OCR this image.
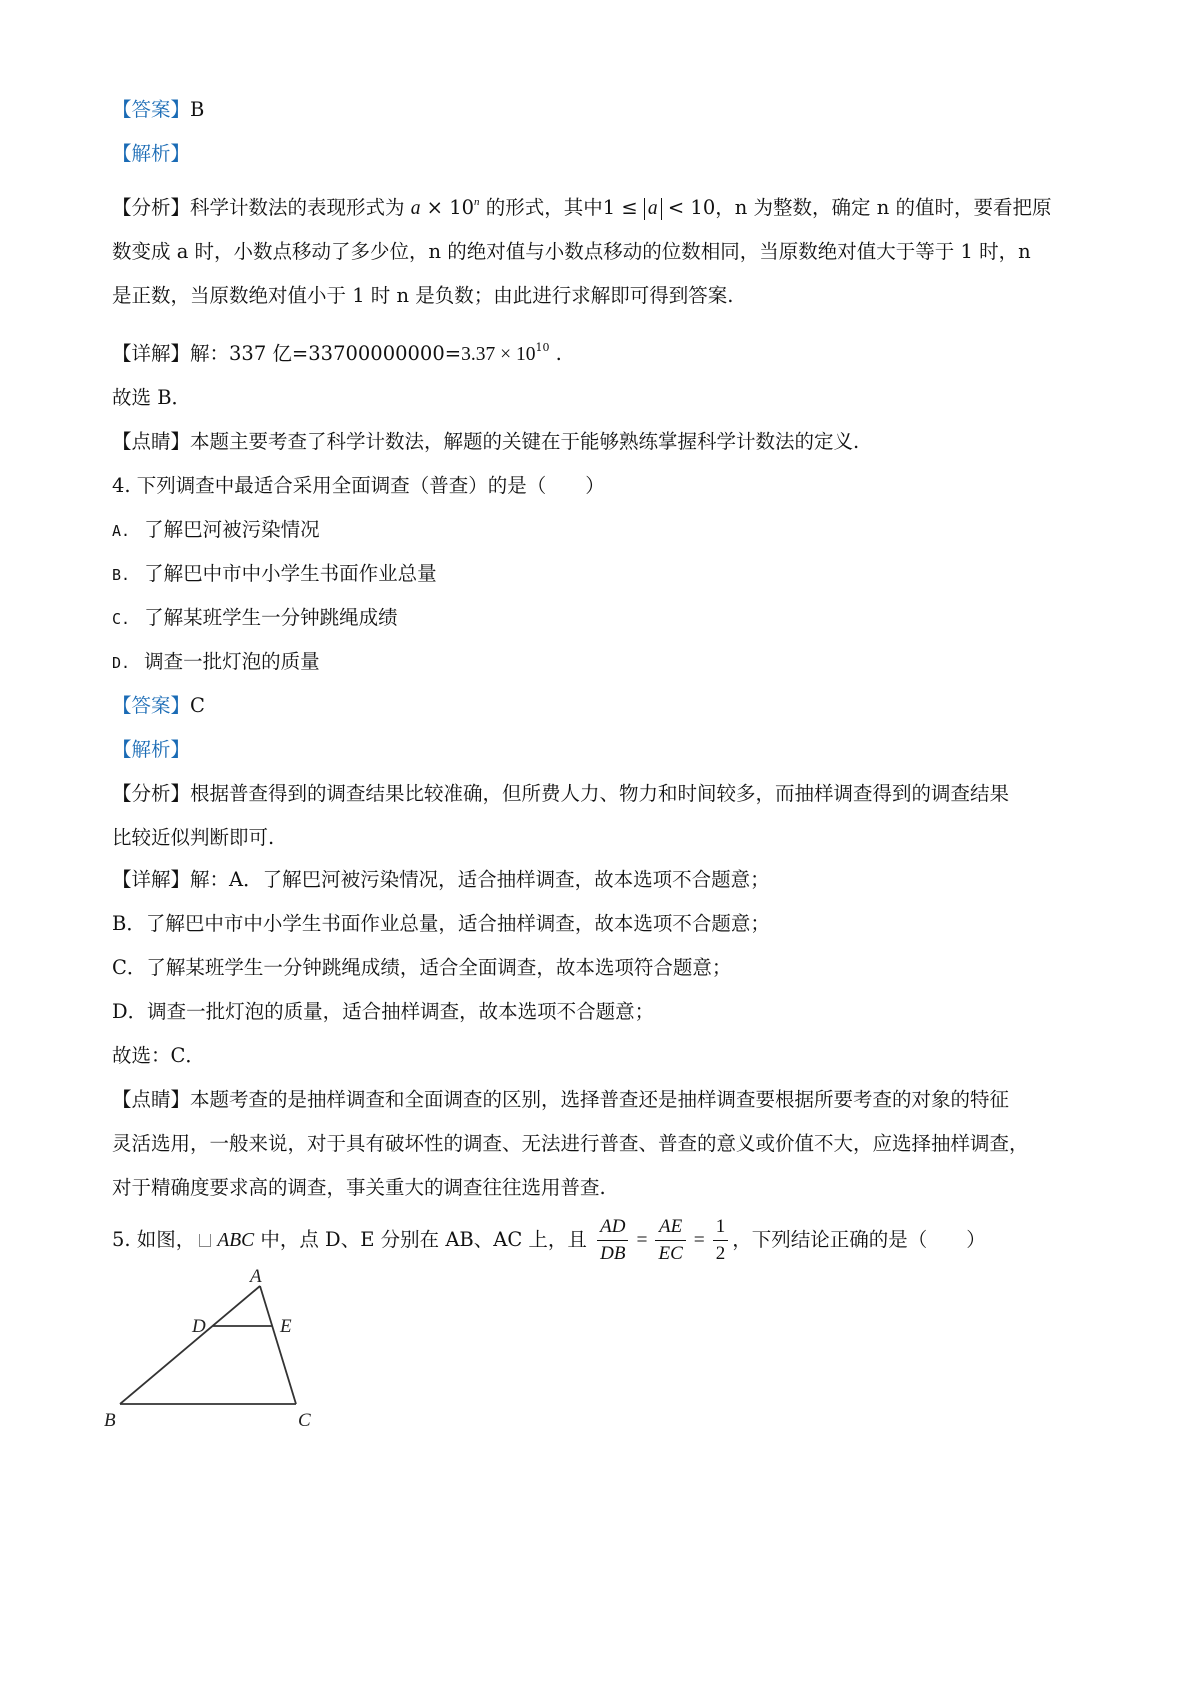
【答案】B
【解析】
【分析】科学计数法的表现形式为 $a \times 10^n$ 的形式，其中1 ≤ a < 10，n 为整数，确定 n 的值时，要看把原
数变成 a 时，小数点移动了多少位，n 的绝对值与小数点移动的位数相同，当原数绝对值大于等于 1 时，n
是正数，当原数绝对值小于 1 时 n 是负数；由此进行求解即可得到答案.
【详解】解：337 亿$=33700000000=3.37 \times 10^{10}$ .
故选 B．
【点睛】本题主要考查了科学计数法，解题的关键在于能够熟练掌握科学计数法的定义.
4. 下列调查中最适合采用全面调查（普查）的是（　　）
A. 了解巴河被污染情况
B. 了解巴中市中小学生书面作业总量
C. 了解某班学生一分钟跳绳成绩
D. 调查一批灯泡的质量
【答案】C
【解析】
【分析】根据普查得到的调查结果比较准确，但所费人力、物力和时间较多，而抽样调查得到的调查结果
比较近似判断即可.
【详解】解：A．了解巴河被污染情况，适合抽样调查，故本选项不合题意；
B．了解巴中市中小学生书面作业总量，适合抽样调查，故本选项不合题意；
C．了解某班学生一分钟跳绳成绩，适合全面调查，故本选项符合题意；
D．调查一批灯泡的质量，适合抽样调查，故本选项不合题意；
故选：C．
【点睛】本题考查的是抽样调查和全面调查的区别，选择普查还是抽样调查要根据所要考查的对象的特征
灵活选用，一般来说，对于具有破坏性的调查、无法进行普查、普查的意义或价值不大，应选择抽样调查，
对于精确度要求高的调查，事关重大的调查往往选用普查.
5. 如图， ABC 中，点 D、E 分别在 AB、AC 上，且 $\frac{AD}{DB} = \frac{AE}{EC} = \frac{1}{2}$ ，下列结论正确的是（　　）
A
D	E
B	C
